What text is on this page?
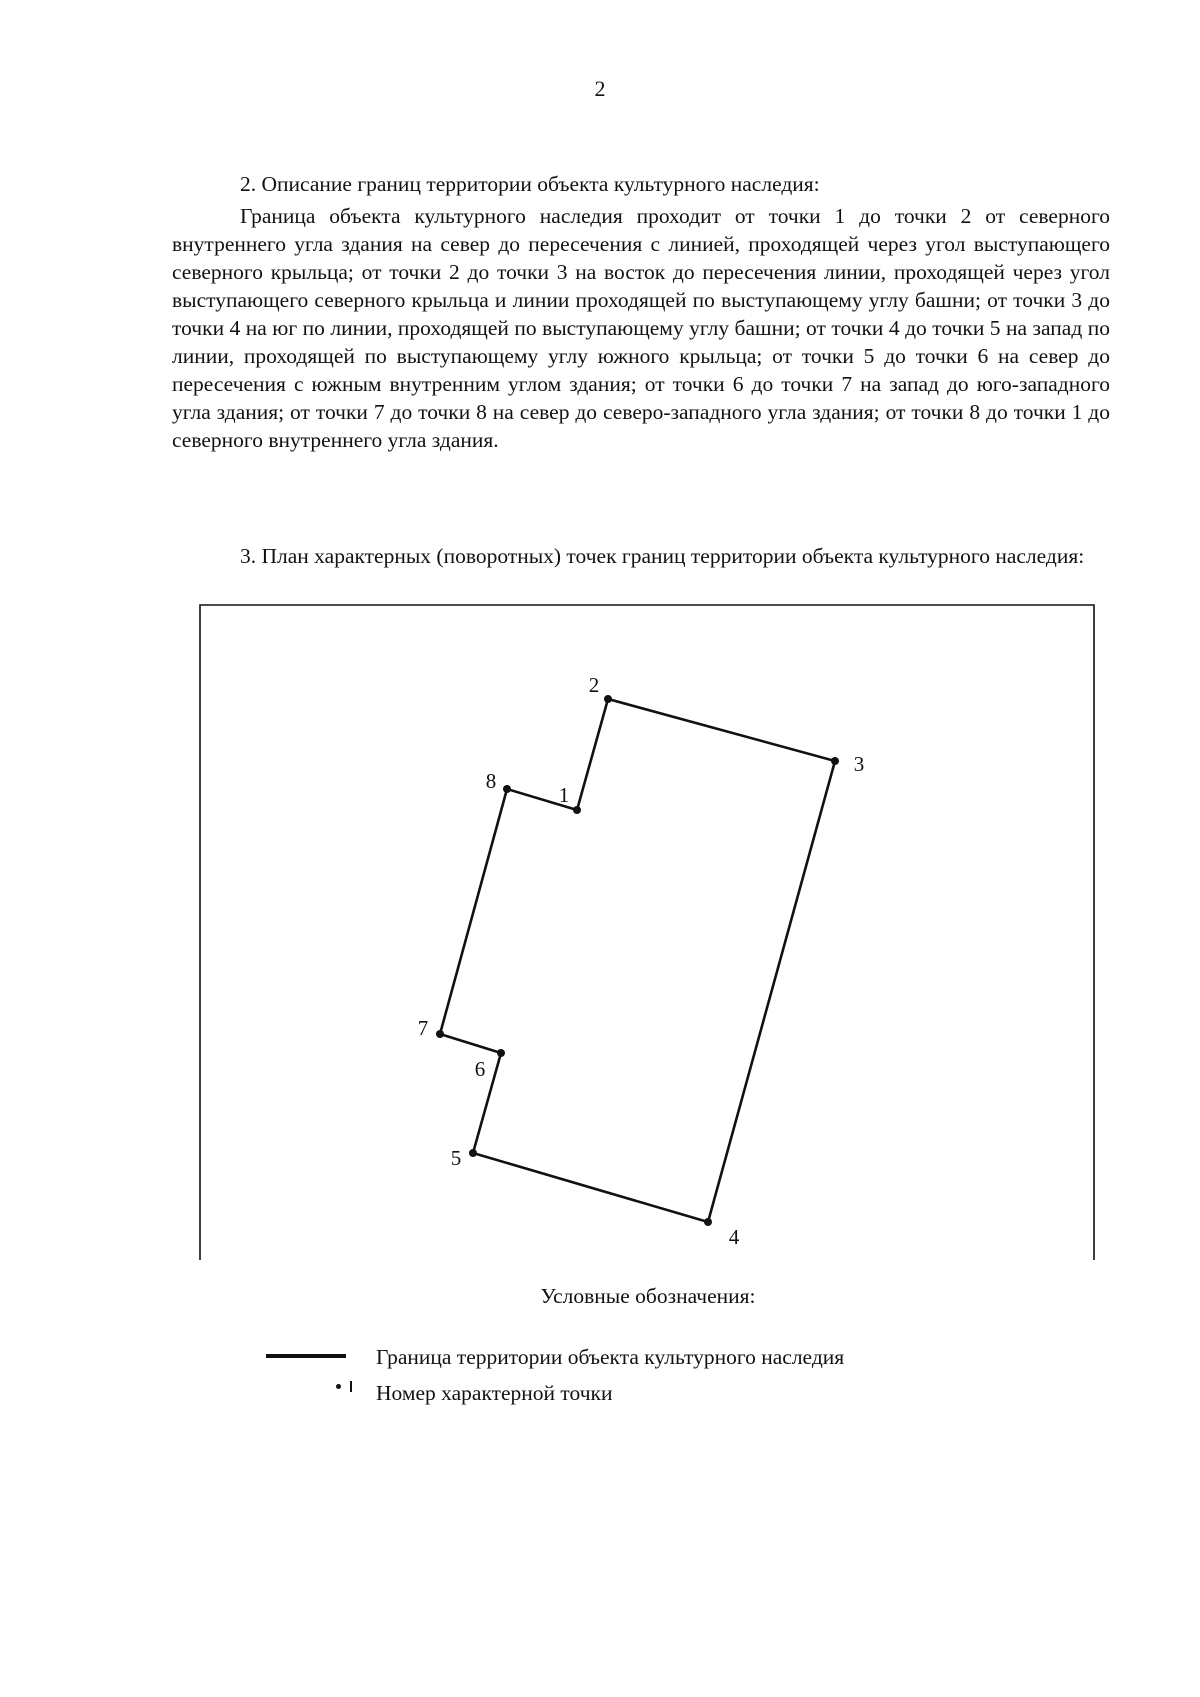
2
2. Описание границ территории объекта культурного наследия:

Граница объекта культурного наследия проходит от точки 1 до точки 2 от северного внутреннего угла здания на север до пересечения с линией, проходящей через угол выступающего северного крыльца; от точки 2 до точки 3 на восток до пересечения линии, проходящей через угол выступающего северного крыльца и линии проходящей по выступающему углу башни; от точки 3 до точки 4 на юг по линии, проходящей по выступающему углу башни; от точки 4 до точки 5 на запад по линии, проходящей по выступающему углу южного крыльца; от точки 5 до точки 6 на север до пересечения с южным внутренним углом здания; от точки 6 до точки 7 на запад до юго-западного угла здания; от точки 7 до точки 8 на север до северо-западного угла здания; от точки 8 до точки 1 до северного внутреннего угла здания.

3. План характерных (поворотных) точек границ территории объекта культурного наследия:
1
2
3
4
5
6
7
8
Условные обозначения:
Граница территории объекта культурного наследия
Номер характерной точки
